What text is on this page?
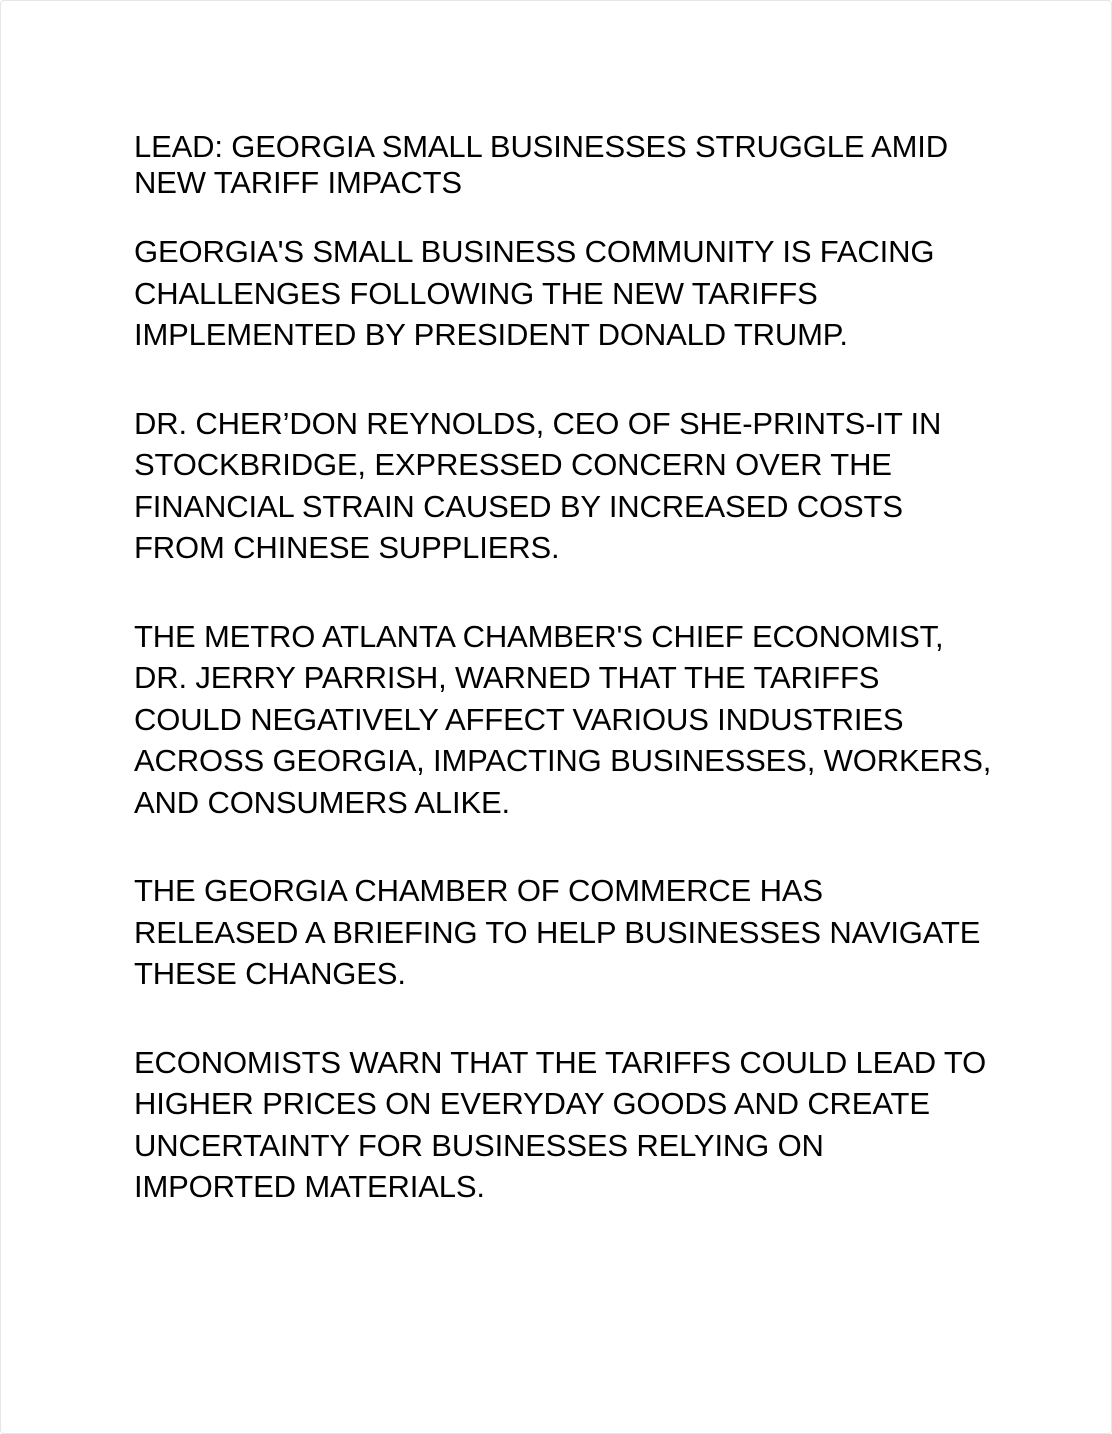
LEAD: GEORGIA SMALL BUSINESSES STRUGGLE AMID NEW TARIFF IMPACTS

GEORGIA'S SMALL BUSINESS COMMUNITY IS FACING CHALLENGES FOLLOWING THE NEW TARIFFS IMPLEMENTED BY PRESIDENT DONALD TRUMP.

DR. CHER’DON REYNOLDS, CEO OF SHE-PRINTS-IT IN STOCKBRIDGE, EXPRESSED CONCERN OVER THE FINANCIAL STRAIN CAUSED BY INCREASED COSTS FROM CHINESE SUPPLIERS.

THE METRO ATLANTA CHAMBER'S CHIEF ECONOMIST, DR. JERRY PARRISH, WARNED THAT THE TARIFFS COULD NEGATIVELY AFFECT VARIOUS INDUSTRIES ACROSS GEORGIA, IMPACTING BUSINESSES, WORKERS, AND CONSUMERS ALIKE.

THE GEORGIA CHAMBER OF COMMERCE HAS RELEASED A BRIEFING TO HELP BUSINESSES NAVIGATE THESE CHANGES.

ECONOMISTS WARN THAT THE TARIFFS COULD LEAD TO HIGHER PRICES ON EVERYDAY GOODS AND CREATE UNCERTAINTY FOR BUSINESSES RELYING ON IMPORTED MATERIALS.
